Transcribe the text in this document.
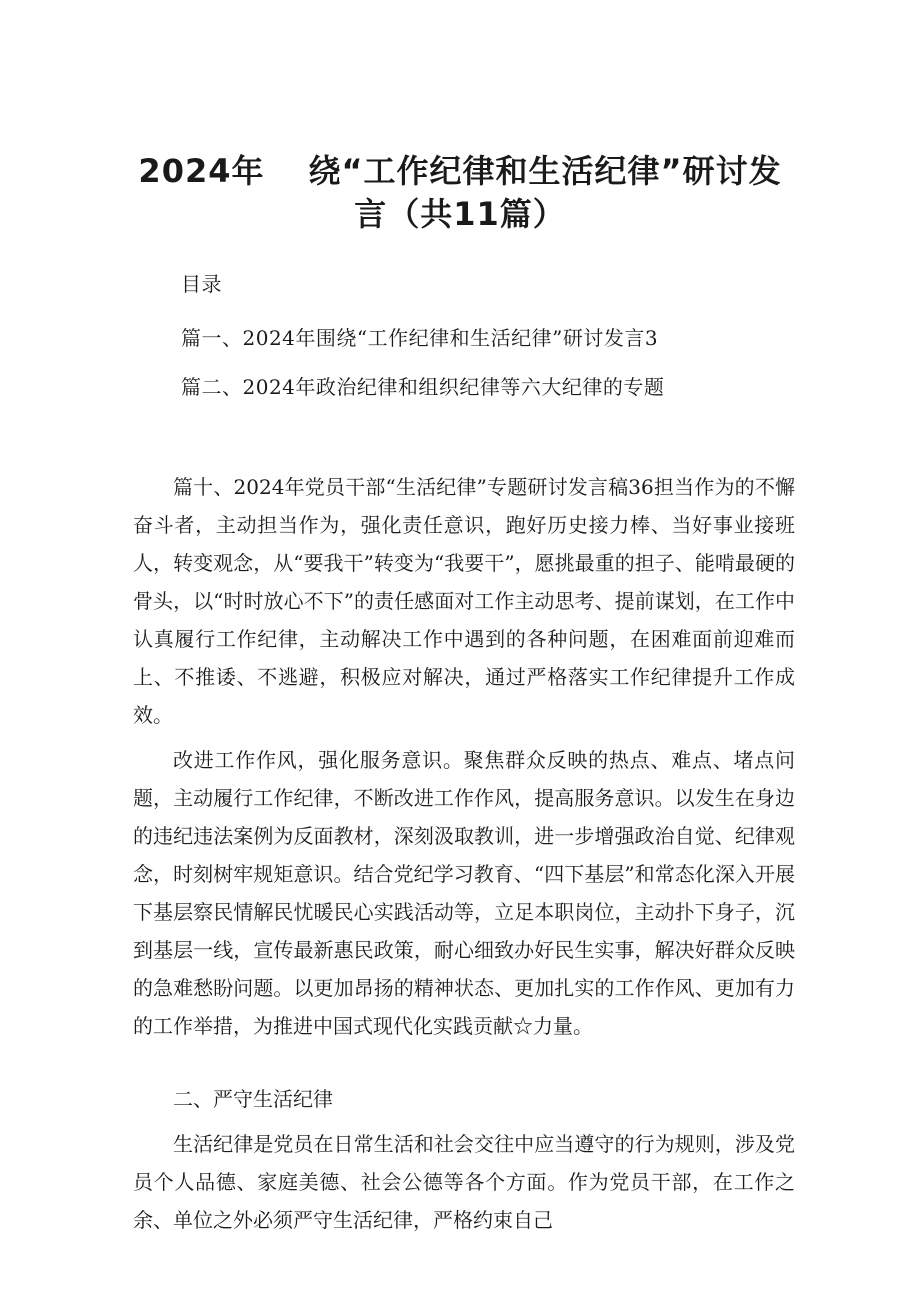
2024年 绕“工作纪律和生活纪律”研讨发
言（共11篇）
目录
篇一、2024年围绕“工作纪律和生活纪律”研讨发言3
篇二、2024年政治纪律和组织纪律等六大纪律的专题

篇十、2024年党员干部“生活纪律”专题研讨发言稿36担当作为的不懈奋斗者，主动担当作为，强化责任意识，跑好历史接力棒、当好事业接班人，转变观念，从“要我干”转变为“我要干”，愿挑最重的担子、能啃最硬的骨头，以“时时放心不下”的责任感面对工作主动思考、提前谋划，在工作中认真履行工作纪律，主动解决工作中遇到的各种问题，在困难面前迎难而上、不推诿、不逃避，积极应对解决，通过严格落实工作纪律提升工作成效。

改进工作作风，强化服务意识。聚焦群众反映的热点、难点、堵点问题，主动履行工作纪律，不断改进工作作风，提高服务意识。以发生在身边的违纪违法案例为反面教材，深刻汲取教训，进一步增强政治自觉、纪律观念，时刻树牢规矩意识。结合党纪学习教育、“四下基层”和常态化深入开展下基层察民情解民忧暖民心实践活动等，立足本职岗位，主动扑下身子，沉到基层一线，宣传最新惠民政策，耐心细致办好民生实事，解决好群众反映的急难愁盼问题。以更加昂扬的精神状态、更加扎实的工作作风、更加有力的工作举措，为推进中国式现代化实践贡献☆力量。

二、严守生活纪律

生活纪律是党员在日常生活和社会交往中应当遵守的行为规则，涉及党员个人品德、家庭美德、社会公德等各个方面。作为党员干部，在工作之余、单位之外必须严守生活纪律，严格约束自己
